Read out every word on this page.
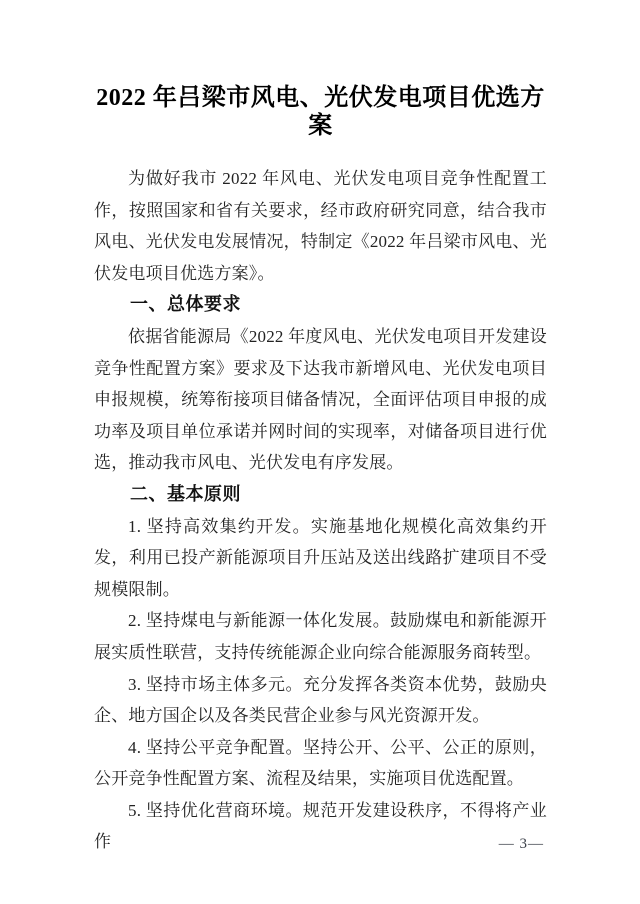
2022 年吕梁市风电、光伏发电项目优选方案

为做好我市 2022 年风电、光伏发电项目竞争性配置工作，按照国家和省有关要求，经市政府研究同意，结合我市风电、光伏发电发展情况，特制定《2022 年吕梁市风电、光伏发电项目优选方案》。

一、总体要求

依据省能源局《2022 年度风电、光伏发电项目开发建设竞争性配置方案》要求及下达我市新增风电、光伏发电项目申报规模，统筹衔接项目储备情况，全面评估项目申报的成功率及项目单位承诺并网时间的实现率，对储备项目进行优选，推动我市风电、光伏发电有序发展。

二、基本原则

1. 坚持高效集约开发。实施基地化规模化高效集约开发，利用已投产新能源项目升压站及送出线路扩建项目不受规模限制。

2. 坚持煤电与新能源一体化发展。鼓励煤电和新能源开展实质性联营，支持传统能源企业向综合能源服务商转型。

3. 坚持市场主体多元。充分发挥各类资本优势，鼓励央企、地方国企以及各类民营企业参与风光资源开发。

4. 坚持公平竞争配置。坚持公开、公平、公正的原则，公开竞争性配置方案、流程及结果，实施项目优选配置。

5. 坚持优化营商环境。规范开发建设秩序，不得将产业作	— 3—
